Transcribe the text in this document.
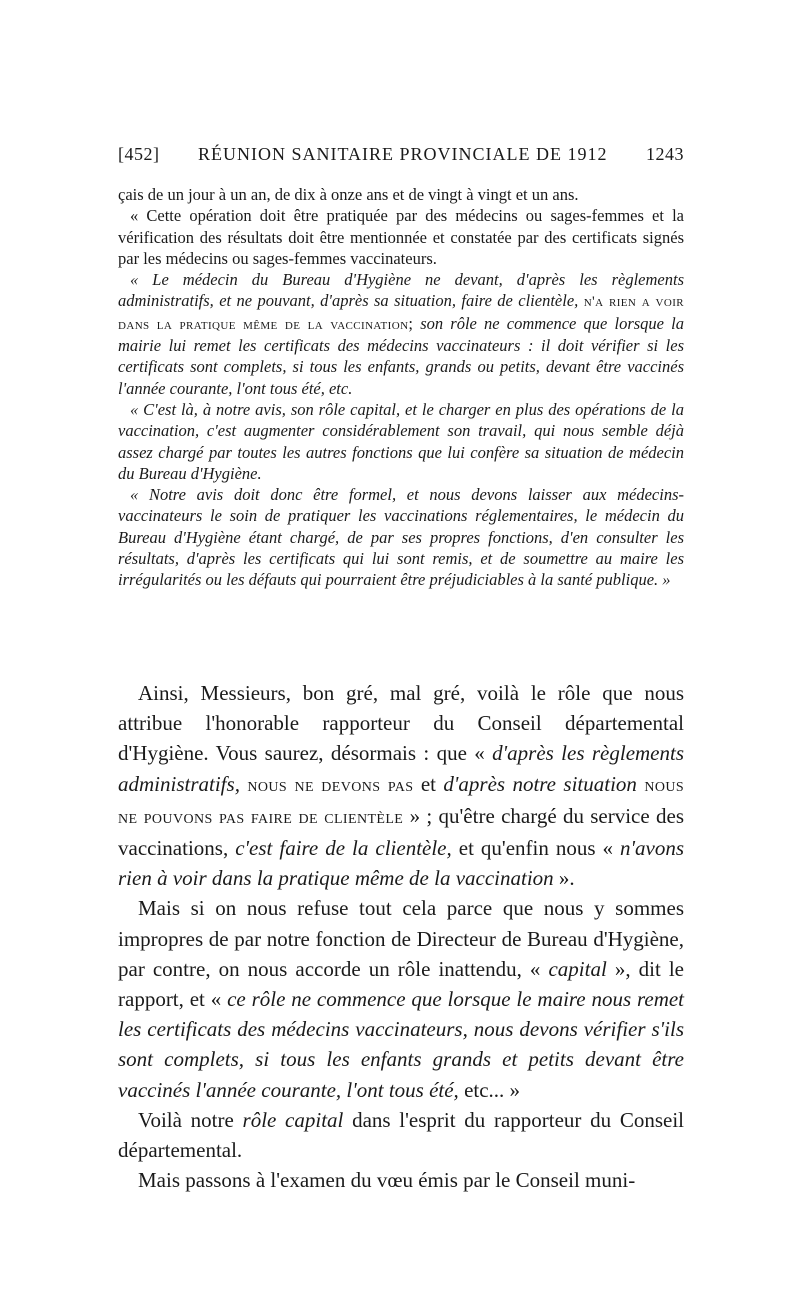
[452] RÉUNION SANITAIRE PROVINCIALE DE 1912 1243

çais de un jour à un an, de dix à onze ans et de vingt à vingt et un ans.

« Cette opération doit être pratiquée par des médecins ou sages-femmes et la vérification des résultats doit être mentionnée et constatée par des certificats signés par les médecins ou sages-femmes vaccinateurs.

« Le médecin du Bureau d'Hygiène ne devant, d'après les règlements administratifs, et ne pouvant, d'après sa situation, faire de clientèle, n'a rien a voir dans la pratique même de la vaccination; son rôle ne commence que lorsque la mairie lui remet les certificats des médecins vaccinateurs : il doit vérifier si les certificats sont complets, si tous les enfants, grands ou petits, devant être vaccinés l'année courante, l'ont tous été, etc.

« C'est là, à notre avis, son rôle capital, et le charger en plus des opérations de la vaccination, c'est augmenter considérablement son travail, qui nous semble déjà assez chargé par toutes les autres fonctions que lui confère sa situation de médecin du Bureau d'Hygiène.

« Notre avis doit donc être formel, et nous devons laisser aux médecins-vaccinateurs le soin de pratiquer les vaccinations réglementaires, le médecin du Bureau d'Hygiène étant chargé, de par ses propres fonctions, d'en consulter les résultats, d'après les certificats qui lui sont remis, et de soumettre au maire les irrégularités ou les défauts qui pourraient être préjudiciables à la santé publique. »

Ainsi, Messieurs, bon gré, mal gré, voilà le rôle que nous attribue l'honorable rapporteur du Conseil départemental d'Hygiène. Vous saurez, désormais : que « d'après les règlements administratifs, nous ne devons pas et d'après notre situation nous ne pouvons pas faire de clientèle » ; qu'être chargé du service des vaccinations, c'est faire de la clientèle, et qu'enfin nous « n'avons rien à voir dans la pratique même de la vaccination ».

Mais si on nous refuse tout cela parce que nous y sommes impropres de par notre fonction de Directeur de Bureau d'Hygiène, par contre, on nous accorde un rôle inattendu, « capital », dit le rapport, et « ce rôle ne commence que lorsque le maire nous remet les certificats des médecins vaccinateurs, nous devons vérifier s'ils sont complets, si tous les enfants grands et petits devant être vaccinés l'année courante, l'ont tous été, etc... »

Voilà notre rôle capital dans l'esprit du rapporteur du Conseil départemental.

Mais passons à l'examen du vœu émis par le Conseil muni-
